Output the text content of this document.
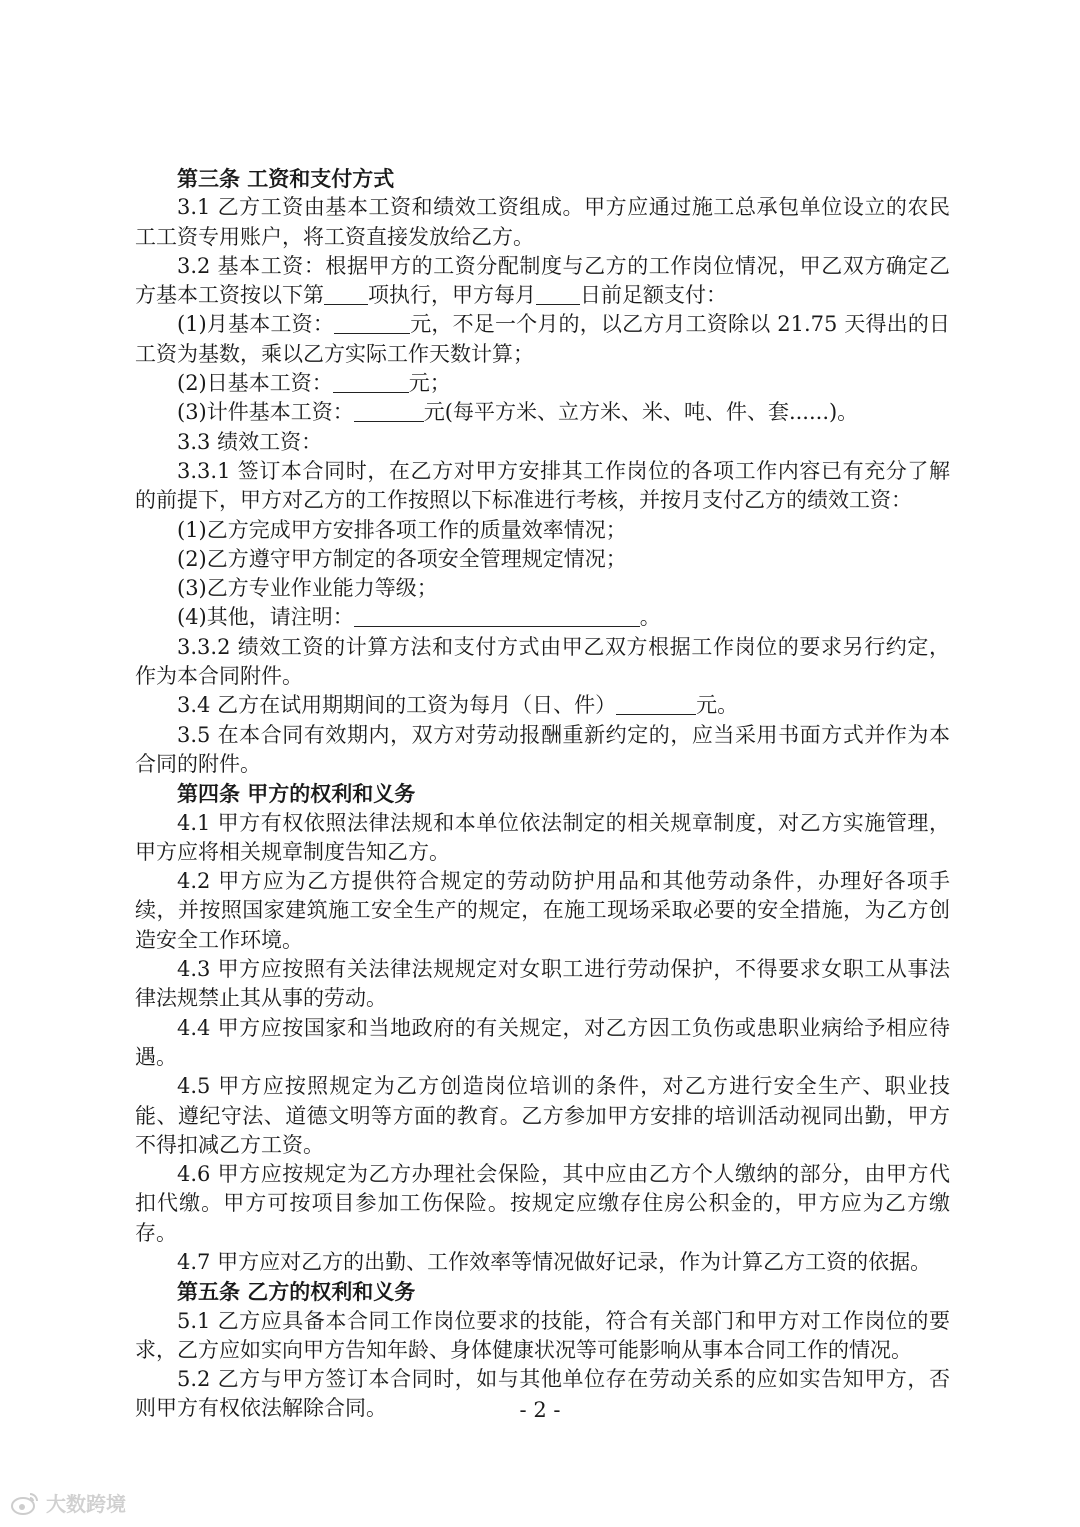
第三条 工资和支付方式

3.1 乙方工资由基本工资和绩效工资组成。甲方应通过施工总承包单位设立的农民工工资专用账户，将工资直接发放给乙方。

3.2 基本工资：根据甲方的工资分配制度与乙方的工作岗位情况，甲乙双方确定乙方基本工资按以下第 项执行，甲方每月 日前足额支付：

(1)月基本工资：	元，不足一个月的，以乙方月工资除以 21.75 天得出的日工资为基数，乘以乙方实际工作天数计算；

(2)日基本工资：	元；
(3)计件基本工资：	元(每平方米、立方米、米、吨、件、套......)。
3.3 绩效工资：

3.3.1 签订本合同时，在乙方对甲方安排其工作岗位的各项工作内容已有充分了解的前提下，甲方对乙方的工作按照以下标准进行考核，并按月支付乙方的绩效工资：

(1)乙方完成甲方安排各项工作的质量效率情况；
(2)乙方遵守甲方制定的各项安全管理规定情况；
(3)乙方专业作业能力等级；
(4)其他，请注明：	。

3.3.2 绩效工资的计算方法和支付方式由甲乙双方根据工作岗位的要求另行约定，作为本合同附件。

3.4 乙方在试用期期间的工资为每月（日、件）	元。

3.5 在本合同有效期内，双方对劳动报酬重新约定的，应当采用书面方式并作为本合同的附件。

第四条 甲方的权利和义务

4.1 甲方有权依照法律法规和本单位依法制定的相关规章制度，对乙方实施管理，甲方应将相关规章制度告知乙方。

4.2 甲方应为乙方提供符合规定的劳动防护用品和其他劳动条件，办理好各项手续，并按照国家建筑施工安全生产的规定，在施工现场采取必要的安全措施，为乙方创造安全工作环境。

4.3 甲方应按照有关法律法规规定对女职工进行劳动保护，不得要求女职工从事法律法规禁止其从事的劳动。

4.4 甲方应按国家和当地政府的有关规定，对乙方因工负伤或患职业病给予相应待遇。

4.5 甲方应按照规定为乙方创造岗位培训的条件，对乙方进行安全生产、职业技能、遵纪守法、道德文明等方面的教育。乙方参加甲方安排的培训活动视同出勤，甲方不得扣减乙方工资。

4.6 甲方应按规定为乙方办理社会保险，其中应由乙方个人缴纳的部分，由甲方代扣代缴。甲方可按项目参加工伤保险。按规定应缴存住房公积金的，甲方应为乙方缴存。

4.7 甲方应对乙方的出勤、工作效率等情况做好记录，作为计算乙方工资的依据。

第五条 乙方的权利和义务

5.1 乙方应具备本合同工作岗位要求的技能，符合有关部门和甲方对工作岗位的要求，乙方应如实向甲方告知年龄、身体健康状况等可能影响从事本合同工作的情况。

5.2 乙方与甲方签订本合同时，如与其他单位存在劳动关系的应如实告知甲方，否则甲方有权依法解除合同。	- 2 -
大数跨境
